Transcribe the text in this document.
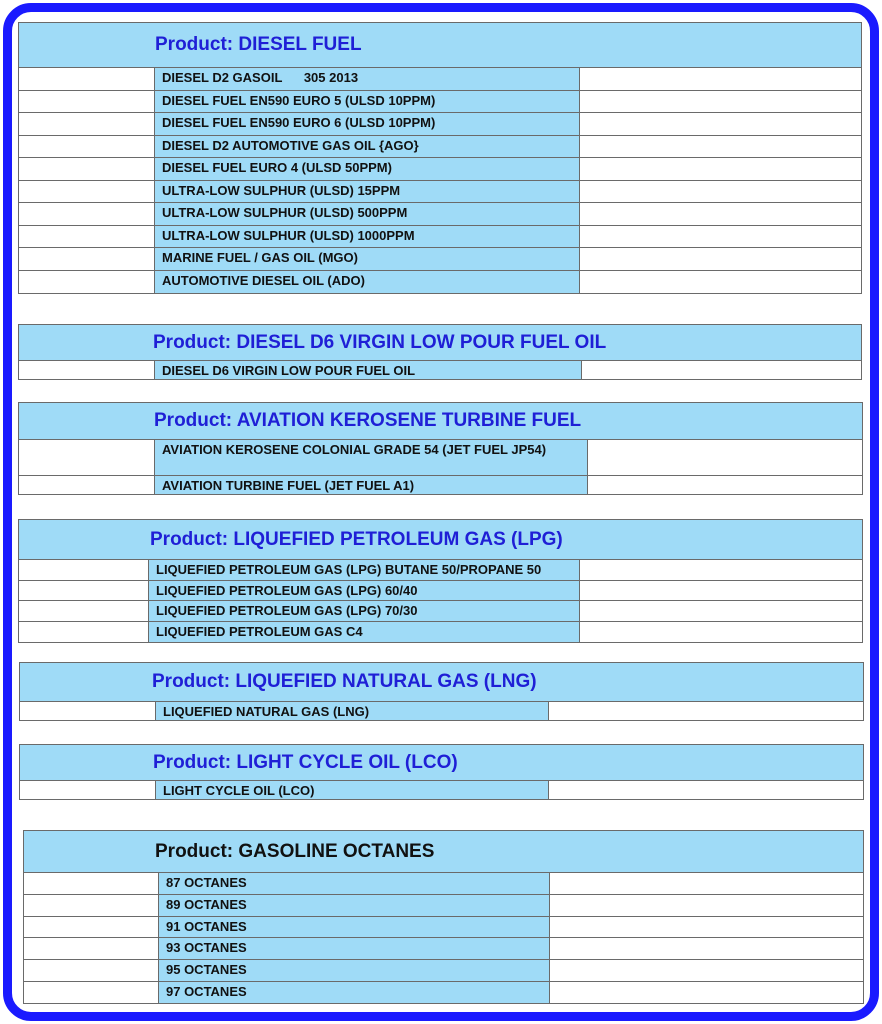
Product: DIESEL FUEL
DIESEL D2 GASOIL      305 2013
DIESEL FUEL EN590 EURO 5 (ULSD 10PPM)
DIESEL FUEL EN590 EURO 6 (ULSD 10PPM)
DIESEL D2 AUTOMOTIVE GAS OIL {AGO}
DIESEL FUEL EURO 4 (ULSD 50PPM)
ULTRA-LOW SULPHUR (ULSD) 15PPM
ULTRA-LOW SULPHUR (ULSD) 500PPM
ULTRA-LOW SULPHUR (ULSD) 1000PPM
MARINE FUEL / GAS OIL (MGO)
AUTOMOTIVE DIESEL OIL (ADO)
Product: DIESEL D6 VIRGIN LOW POUR FUEL OIL
DIESEL D6 VIRGIN LOW POUR FUEL OIL
Product: AVIATION KEROSENE TURBINE FUEL
AVIATION KEROSENE COLONIAL GRADE 54 (JET FUEL JP54)
AVIATION TURBINE FUEL (JET FUEL A1)
Product: LIQUEFIED PETROLEUM GAS (LPG)
LIQUEFIED PETROLEUM GAS (LPG) BUTANE 50/PROPANE 50
LIQUEFIED PETROLEUM GAS (LPG) 60/40
LIQUEFIED PETROLEUM GAS (LPG) 70/30
LIQUEFIED PETROLEUM GAS C4
Product: LIQUEFIED NATURAL GAS (LNG)
LIQUEFIED NATURAL GAS (LNG)
Product: LIGHT CYCLE OIL (LCO)
LIGHT CYCLE OIL (LCO)
Product: GASOLINE OCTANES
87 OCTANES
89 OCTANES
91 OCTANES
93 OCTANES
95 OCTANES
97 OCTANES
